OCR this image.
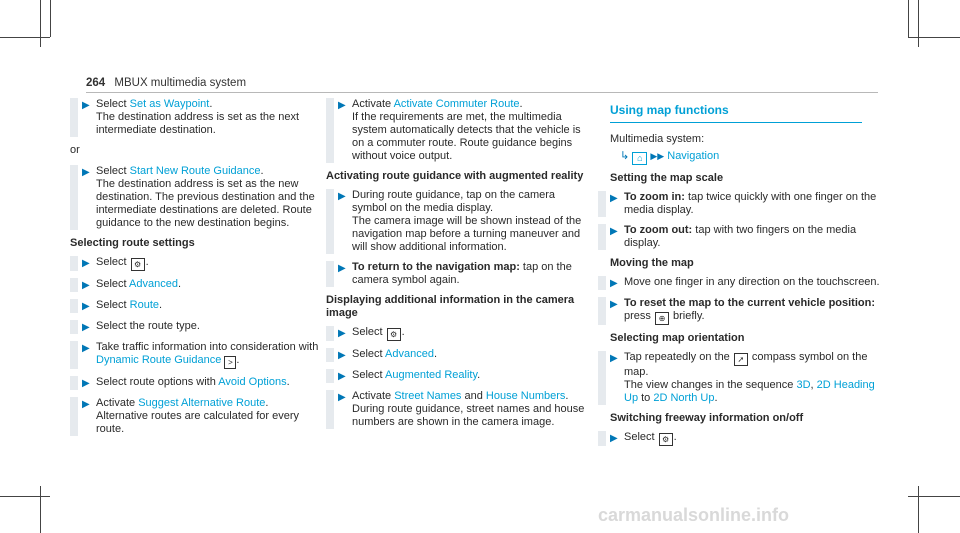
264 MBUX multimedia system
▶ Select Set as Waypoint.
The destination address is set as the next intermediate destination.
or
▶ Select Start New Route Guidance.
The destination address is set as the new destination. The previous destination and the intermediate destinations are deleted. Route guidance to the new destination begins.
Selecting route settings
▶ Select ⚙ .
▶ Select Advanced.
▶ Select Route.
▶ Select the route type.
▶ Take traffic information into consideration with Dynamic Route Guidance > .
▶ Select route options with Avoid Options.
▶ Activate Suggest Alternative Route.
Alternative routes are calculated for every route.
▶ Activate Activate Commuter Route.
If the requirements are met, the multimedia system automatically detects that the vehicle is on a commuter route. Route guidance begins without voice output.
Activating route guidance with augmented reality
▶ During route guidance, tap on the camera symbol on the media display.
The camera image will be shown instead of the navigation map before a turning maneuver and will show additional information.
▶ To return to the navigation map: tap on the camera symbol again.
Displaying additional information in the camera image
▶ Select ⚙ .
▶ Select Advanced.
▶ Select Augmented Reality.
▶ Activate Street Names and House Numbers.
During route guidance, street names and house numbers are shown in the camera image.
Using map functions
Multimedia system:
↳ ⌂ ▶▶ Navigation
Setting the map scale
▶ To zoom in: tap twice quickly with one finger on the media display.
▶ To zoom out: tap with two fingers on the media display.
Moving the map
▶ Move one finger in any direction on the touchscreen.
▶ To reset the map to the current vehicle position: press ⊕ briefly.
Selecting map orientation
▶ Tap repeatedly on the ➚ compass symbol on the map.
The view changes in the sequence 3D, 2D Heading Up to 2D North Up.
Switching freeway information on/off
▶ Select ⚙ .
carmanualsonline.info
